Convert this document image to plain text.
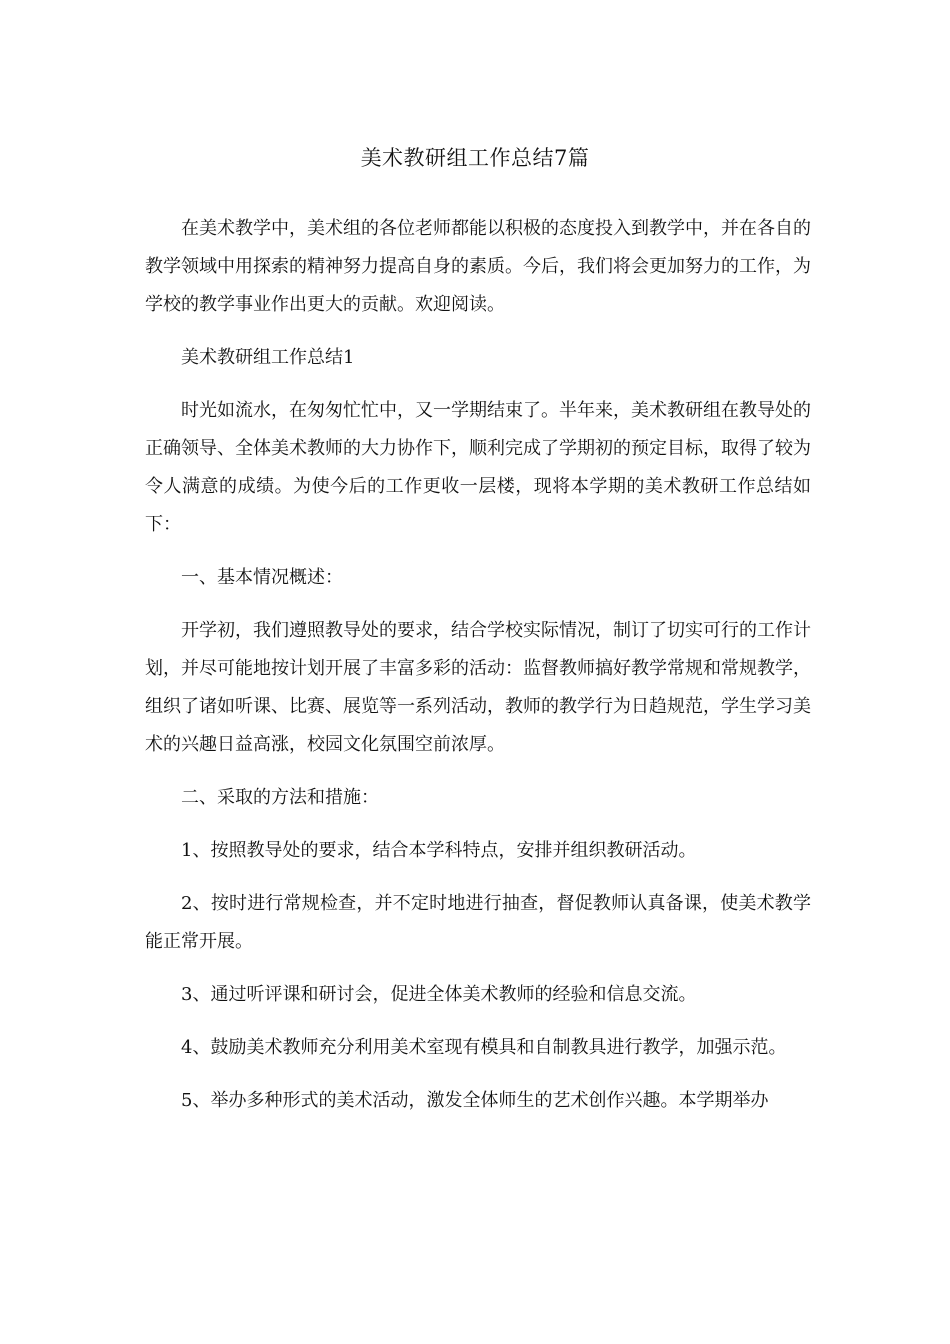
美术教研组工作总结7篇

在美术教学中，美术组的各位老师都能以积极的态度投入到教学中，并在各自的教学领域中用探索的精神努力提高自身的素质。今后，我们将会更加努力的工作，为学校的教学事业作出更大的贡献。欢迎阅读。

美术教研组工作总结1

时光如流水，在匆匆忙忙中，又一学期结束了。半年来，美术教研组在教导处的正确领导、全体美术教师的大力协作下，顺利完成了学期初的预定目标，取得了较为令人满意的成绩。为使今后的工作更收一层楼，现将本学期的美术教研工作总结如下：

一、基本情况概述：

开学初，我们遵照教导处的要求，结合学校实际情况，制订了切实可行的工作计划，并尽可能地按计划开展了丰富多彩的活动：监督教师搞好教学常规和常规教学，组织了诸如听课、比赛、展览等一系列活动，教师的教学行为日趋规范，学生学习美术的兴趣日益高涨，校园文化氛围空前浓厚。

二、采取的方法和措施：

1、按照教导处的要求，结合本学科特点，安排并组织教研活动。

2、按时进行常规检查，并不定时地进行抽查，督促教师认真备课，使美术教学能正常开展。

3、通过听评课和研讨会，促进全体美术教师的经验和信息交流。

4、鼓励美术教师充分利用美术室现有模具和自制教具进行教学，加强示范。

5、举办多种形式的美术活动，激发全体师生的艺术创作兴趣。本学期举办
